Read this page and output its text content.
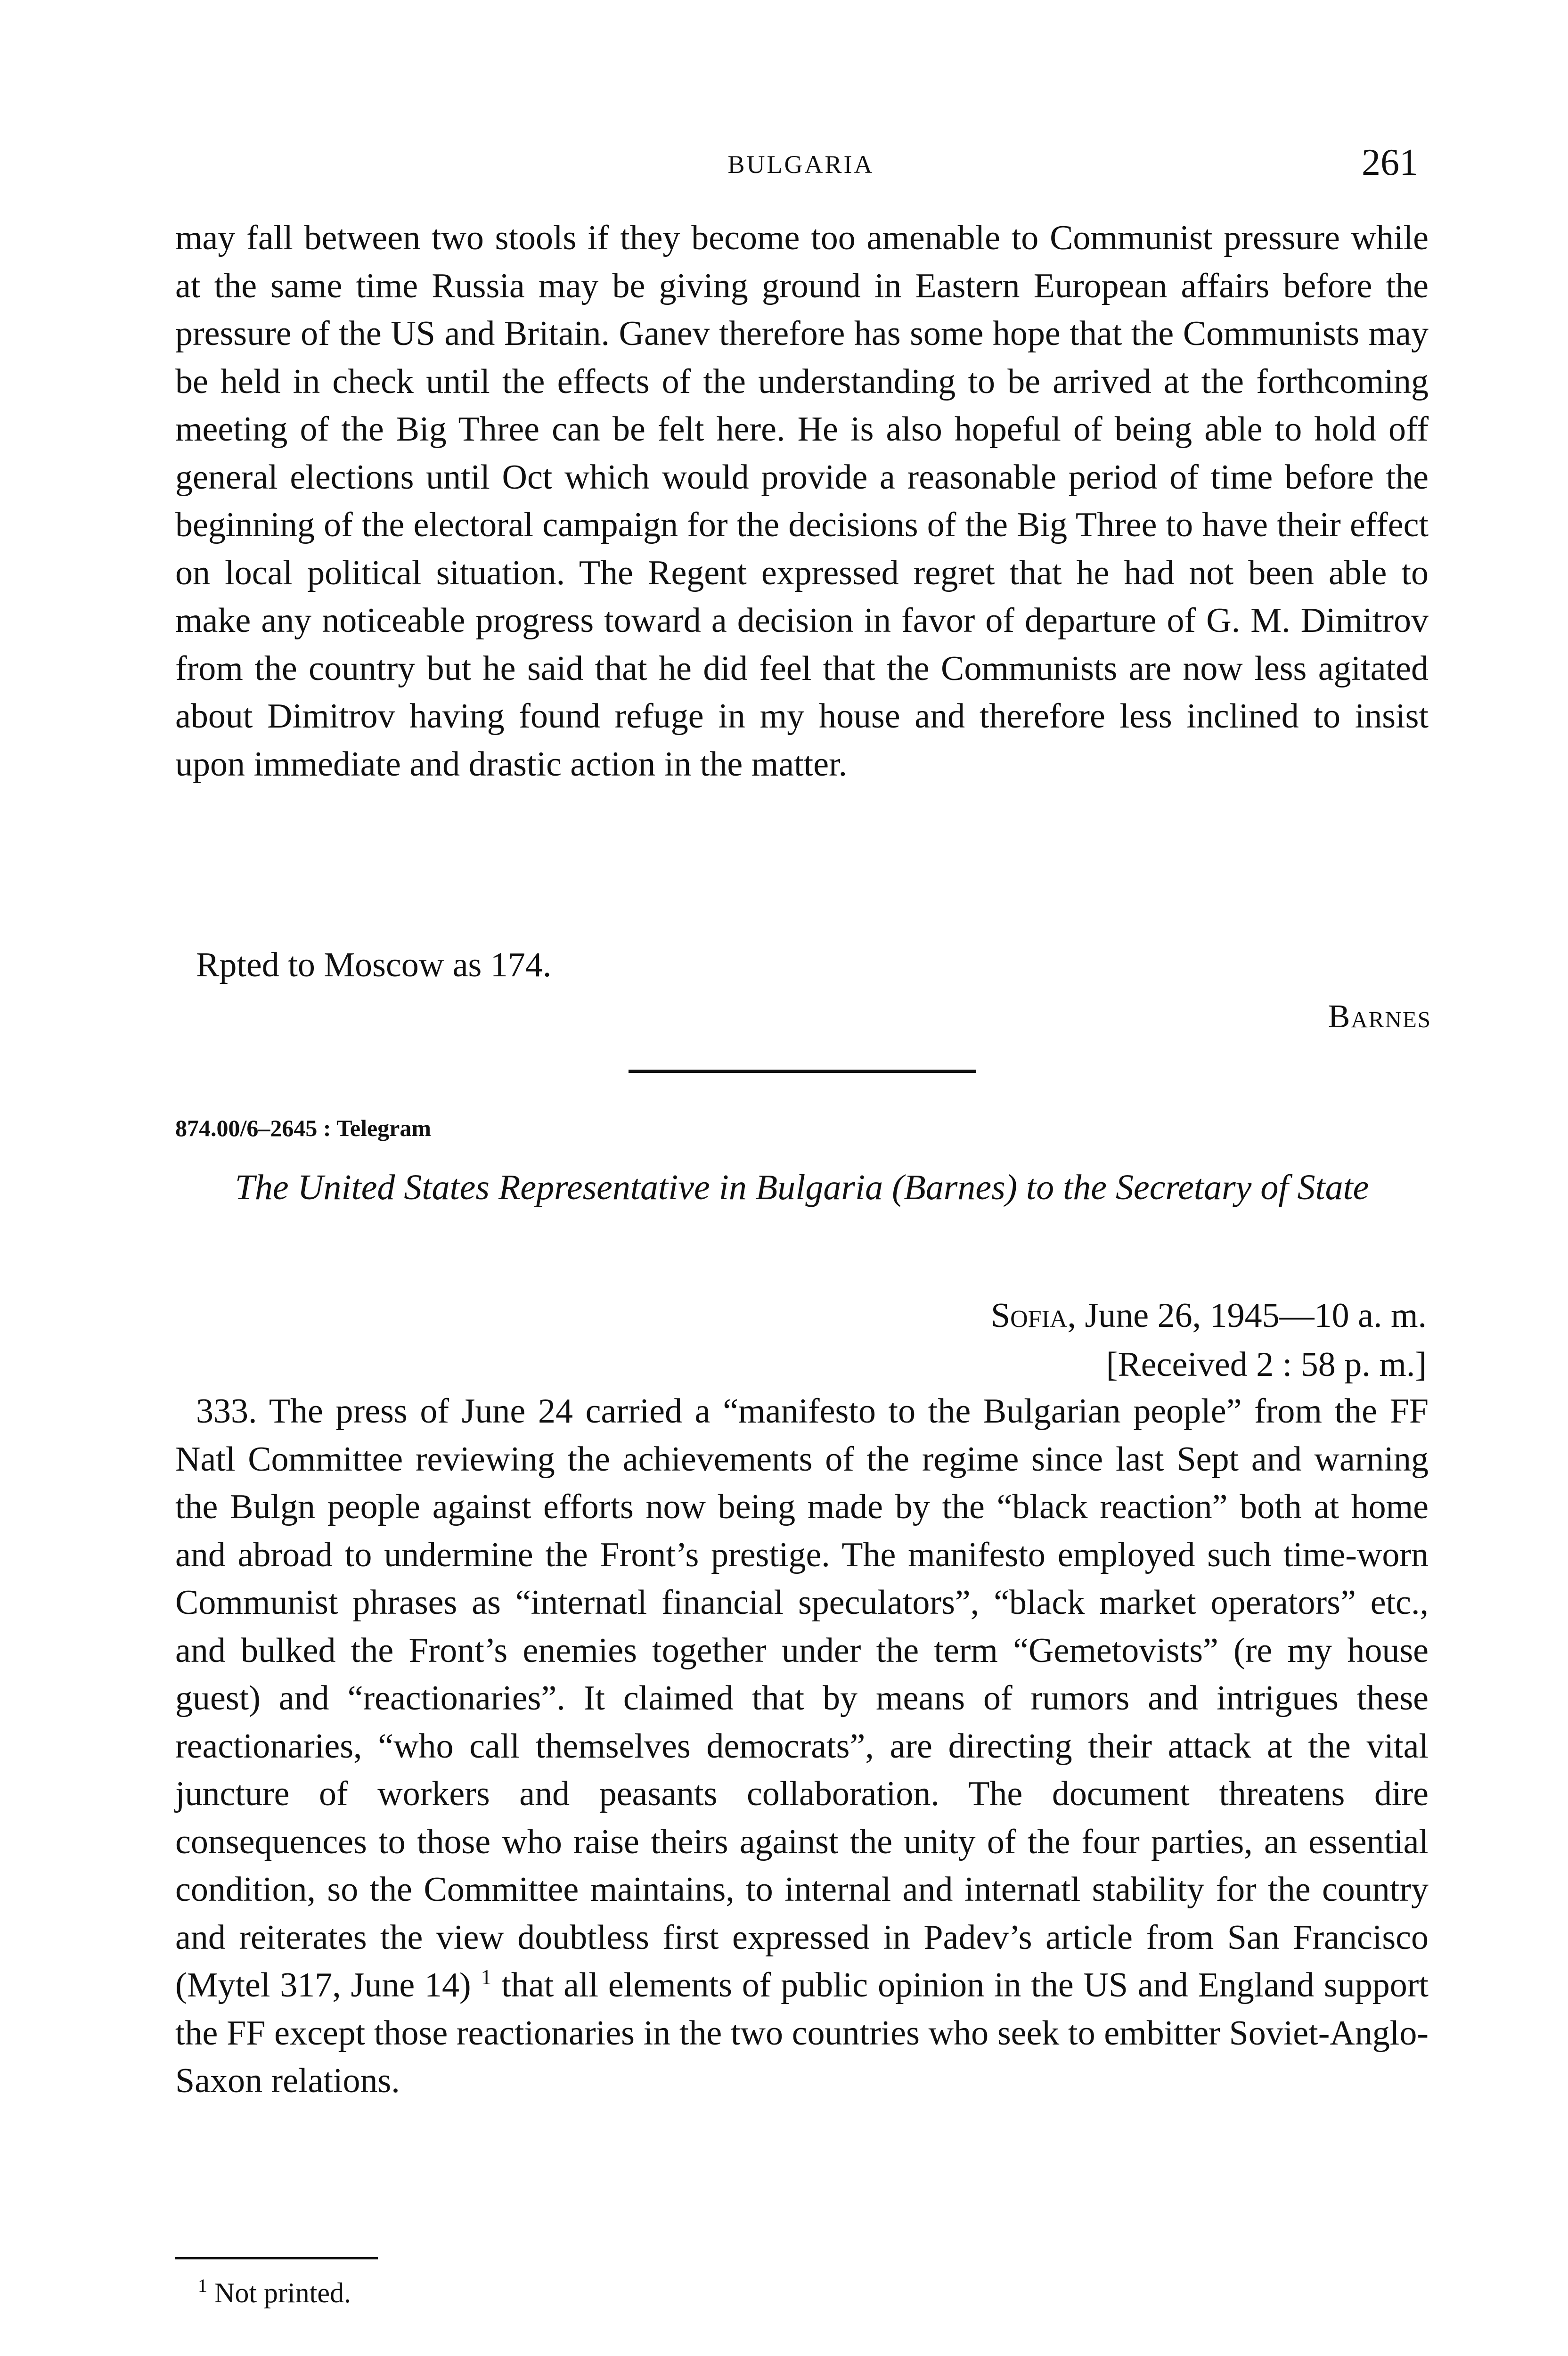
BULGARIA	261

may fall between two stools if they become too amenable to Communist pressure while at the same time Russia may be giving ground in Eastern European affairs before the pressure of the US and Britain. Ganev therefore has some hope that the Communists may be held in check until the effects of the understanding to be arrived at the forthcoming meeting of the Big Three can be felt here. He is also hopeful of being able to hold off general elections until Oct which would provide a reasonable period of time before the beginning of the electoral campaign for the decisions of the Big Three to have their effect on local political situation. The Regent expressed regret that he had not been able to make any noticeable progress toward a decision in favor of departure of G. M. Dimitrov from the country but he said that he did feel that the Communists are now less agitated about Dimitrov having found refuge in my house and therefore less inclined to insist upon immediate and drastic action in the matter.

Rpted to Moscow as 174.

Barnes
874.00/6–2645 : Telegram
The United States Representative in Bulgaria (Barnes) to the Secretary of State
Sofia, June 26, 1945—10 a. m.
[Received 2 : 58 p. m.]

333. The press of June 24 carried a “manifesto to the Bulgarian people” from the FF Natl Committee reviewing the achievements of the regime since last Sept and warning the Bulgn people against efforts now being made by the “black reaction” both at home and abroad to undermine the Front’s prestige. The manifesto employed such time-worn Communist phrases as “internatl financial speculators”, “black market operators” etc., and bulked the Front’s enemies together under the term “Gemetovists” (re my house guest) and “reactionaries”. It claimed that by means of rumors and intrigues these reactionaries, “who call themselves democrats”, are directing their attack at the vital juncture of workers and peasants collaboration. The document threatens dire consequences to those who raise theirs against the unity of the four parties, an essential condition, so the Committee maintains, to internal and internatl stability for the country and reiterates the view doubtless first expressed in Padev’s article from San Francisco (Mytel 317, June 14) $^1$ that all elements of public opinion in the US and England support the FF except those reactionaries in the two countries who seek to embitter Soviet-Anglo-Saxon relations.

$^1$ Not printed.
